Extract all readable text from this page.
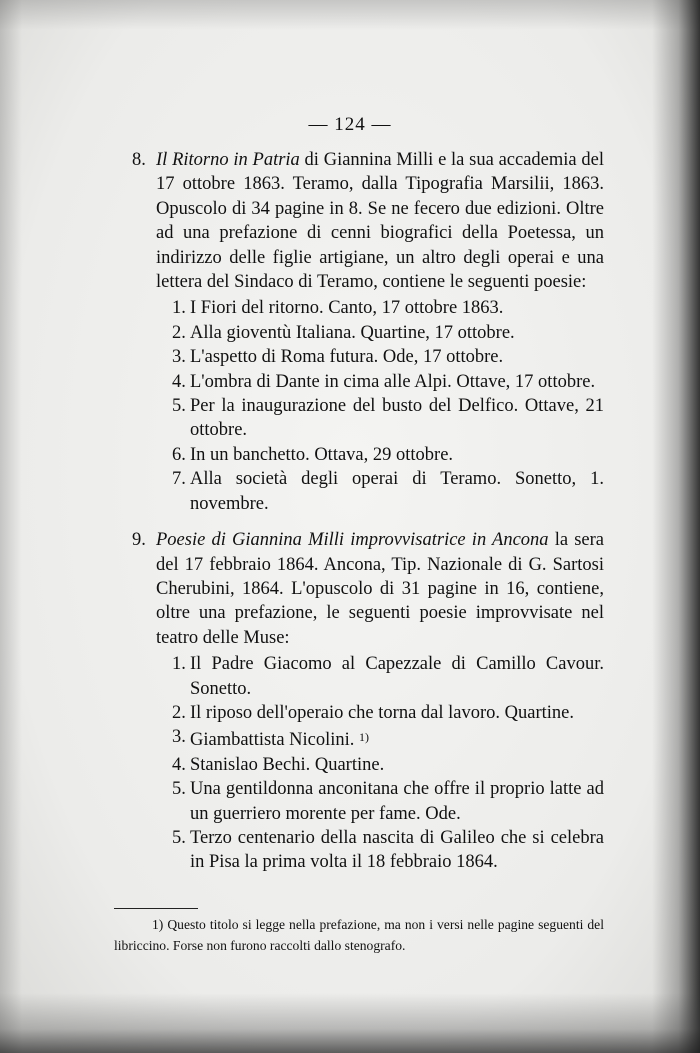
— 124 —
8. Il Ritorno in Patria di Giannina Milli e la sua accademia del 17 ottobre 1863. Teramo, dalla Tipografia Marsilii, 1863. Opuscolo di 34 pagine in 8. Se ne fecero due edizioni. Oltre ad una prefazione di cenni biografici della Poetessa, un indirizzo delle figlie artigiane, un altro degli operai e una lettera del Sindaco di Teramo, contiene le seguenti poesie:
1. I Fiori del ritorno. Canto, 17 ottobre 1863.
2. Alla gioventù Italiana. Quartine, 17 ottobre.
3. L'aspetto di Roma futura. Ode, 17 ottobre.
4. L'ombra di Dante in cima alle Alpi. Ottave, 17 ottobre.
5. Per la inaugurazione del busto del Delfico. Ottave, 21 ottobre.
6. In un banchetto. Ottava, 29 ottobre.
7. Alla società degli operai di Teramo. Sonetto, 1. novembre.
9. Poesie di Giannina Milli improvvisatrice in Ancona la sera del 17 febbraio 1864. Ancona, Tip. Nazionale di G. Sartosi Cherubini, 1864. L'opuscolo di 31 pagine in 16, contiene, oltre una prefazione, le seguenti poesie improvvisate nel teatro delle Muse:
1. Il Padre Giacomo al Capezzale di Camillo Cavour. Sonetto.
2. Il riposo dell'operaio che torna dal lavoro. Quartine.
3. Giambattista Nicolini. $^{1)}$
4. Stanislao Bechi. Quartine.
5. Una gentildonna anconitana che offre il proprio latte ad un guerriero morente per fame. Ode.
5. Terzo centenario della nascita di Galileo che si celebra in Pisa la prima volta il 18 febbraio 1864.
1) Questo titolo si legge nella prefazione, ma non i versi nelle pagine seguenti del libriccino. Forse non furono raccolti dallo stenografo.
